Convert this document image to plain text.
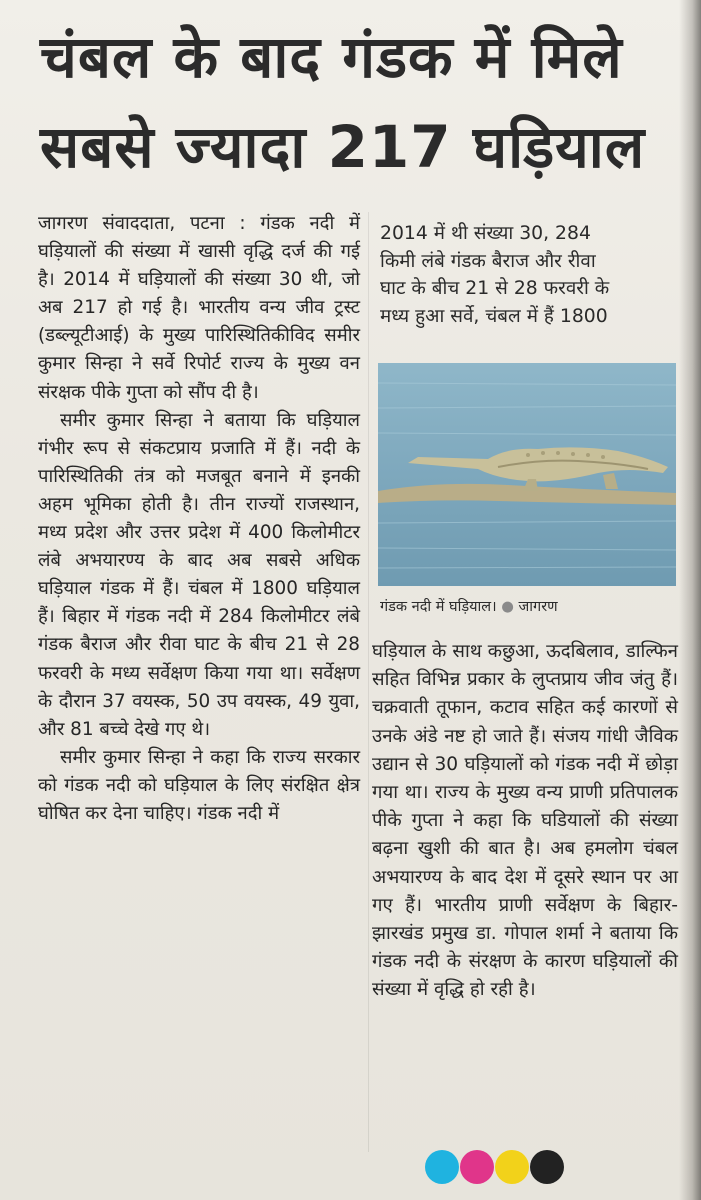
चंबल के बाद गंडक में मिले
सबसे ज्यादा 217 घड़ियाल

जागरण संवाददाता, पटना : गंडक नदी में घड़ियालों की संख्या में खासी वृद्धि दर्ज की गई है। 2014 में घड़ियालों की संख्या 30 थी, जो अब 217 हो गई है। भारतीय वन्य जीव ट्रस्ट (डब्ल्यूटीआई) के मुख्य पारिस्थितिकीविद समीर कुमार सिन्हा ने सर्वे रिपोर्ट राज्य के मुख्य वन संरक्षक पीके गुप्ता को सौंप दी है।

समीर कुमार सिन्हा ने बताया कि घड़ियाल गंभीर रूप से संकटप्राय प्रजाति में हैं। नदी के पारिस्थितिकी तंत्र को मजबूत बनाने में इनकी अहम भूमिका होती है। तीन राज्यों राजस्थान, मध्य प्रदेश और उत्तर प्रदेश में 400 किलोमीटर लंबे अभयारण्य के बाद अब सबसे अधिक घड़ियाल गंडक में हैं। चंबल में 1800 घड़ियाल हैं। बिहार में गंडक नदी में 284 किलोमीटर लंबे गंडक बैराज और रीवा घाट के बीच 21 से 28 फरवरी के मध्य सर्वेक्षण किया गया था। सर्वेक्षण के दौरान 37 वयस्क, 50 उप वयस्क, 49 युवा, और 81 बच्चे देखे गए थे।

समीर कुमार सिन्हा ने कहा कि राज्य सरकार को गंडक नदी को घड़ियाल के लिए संरक्षित क्षेत्र घोषित कर देना चाहिए। गंडक नदी में

2014 में थी संख्या 30, 284
किमी लंबे गंडक बैराज और रीवा
घाट के बीच 21 से 28 फरवरी के
मध्य हुआ सर्वे, चंबल में हैं 1800
गंडक नदी में घड़ियाल। ● जागरण

घड़ियाल के साथ कछुआ, ऊदबिलाव, डाल्फिन सहित विभिन्न प्रकार के लुप्तप्राय जीव जंतु हैं। चक्रवाती तूफान, कटाव सहित कई कारणों से उनके अंडे नष्ट हो जाते हैं। संजय गांधी जैविक उद्यान से 30 घड़ियालों को गंडक नदी में छोड़ा गया था। राज्य के मुख्य वन्य प्राणी प्रतिपालक पीके गुप्ता ने कहा कि घडियालों की संख्या बढ़ना खुशी की बात है। अब हमलोग चंबल अभयारण्य के बाद देश में दूसरे स्थान पर आ गए हैं। भारतीय प्राणी सर्वेक्षण के बिहार-झारखंड प्रमुख डा. गोपाल शर्मा ने बताया कि गंडक नदी के संरक्षण के कारण घड़ियालों की संख्या में वृद्धि हो रही है।
